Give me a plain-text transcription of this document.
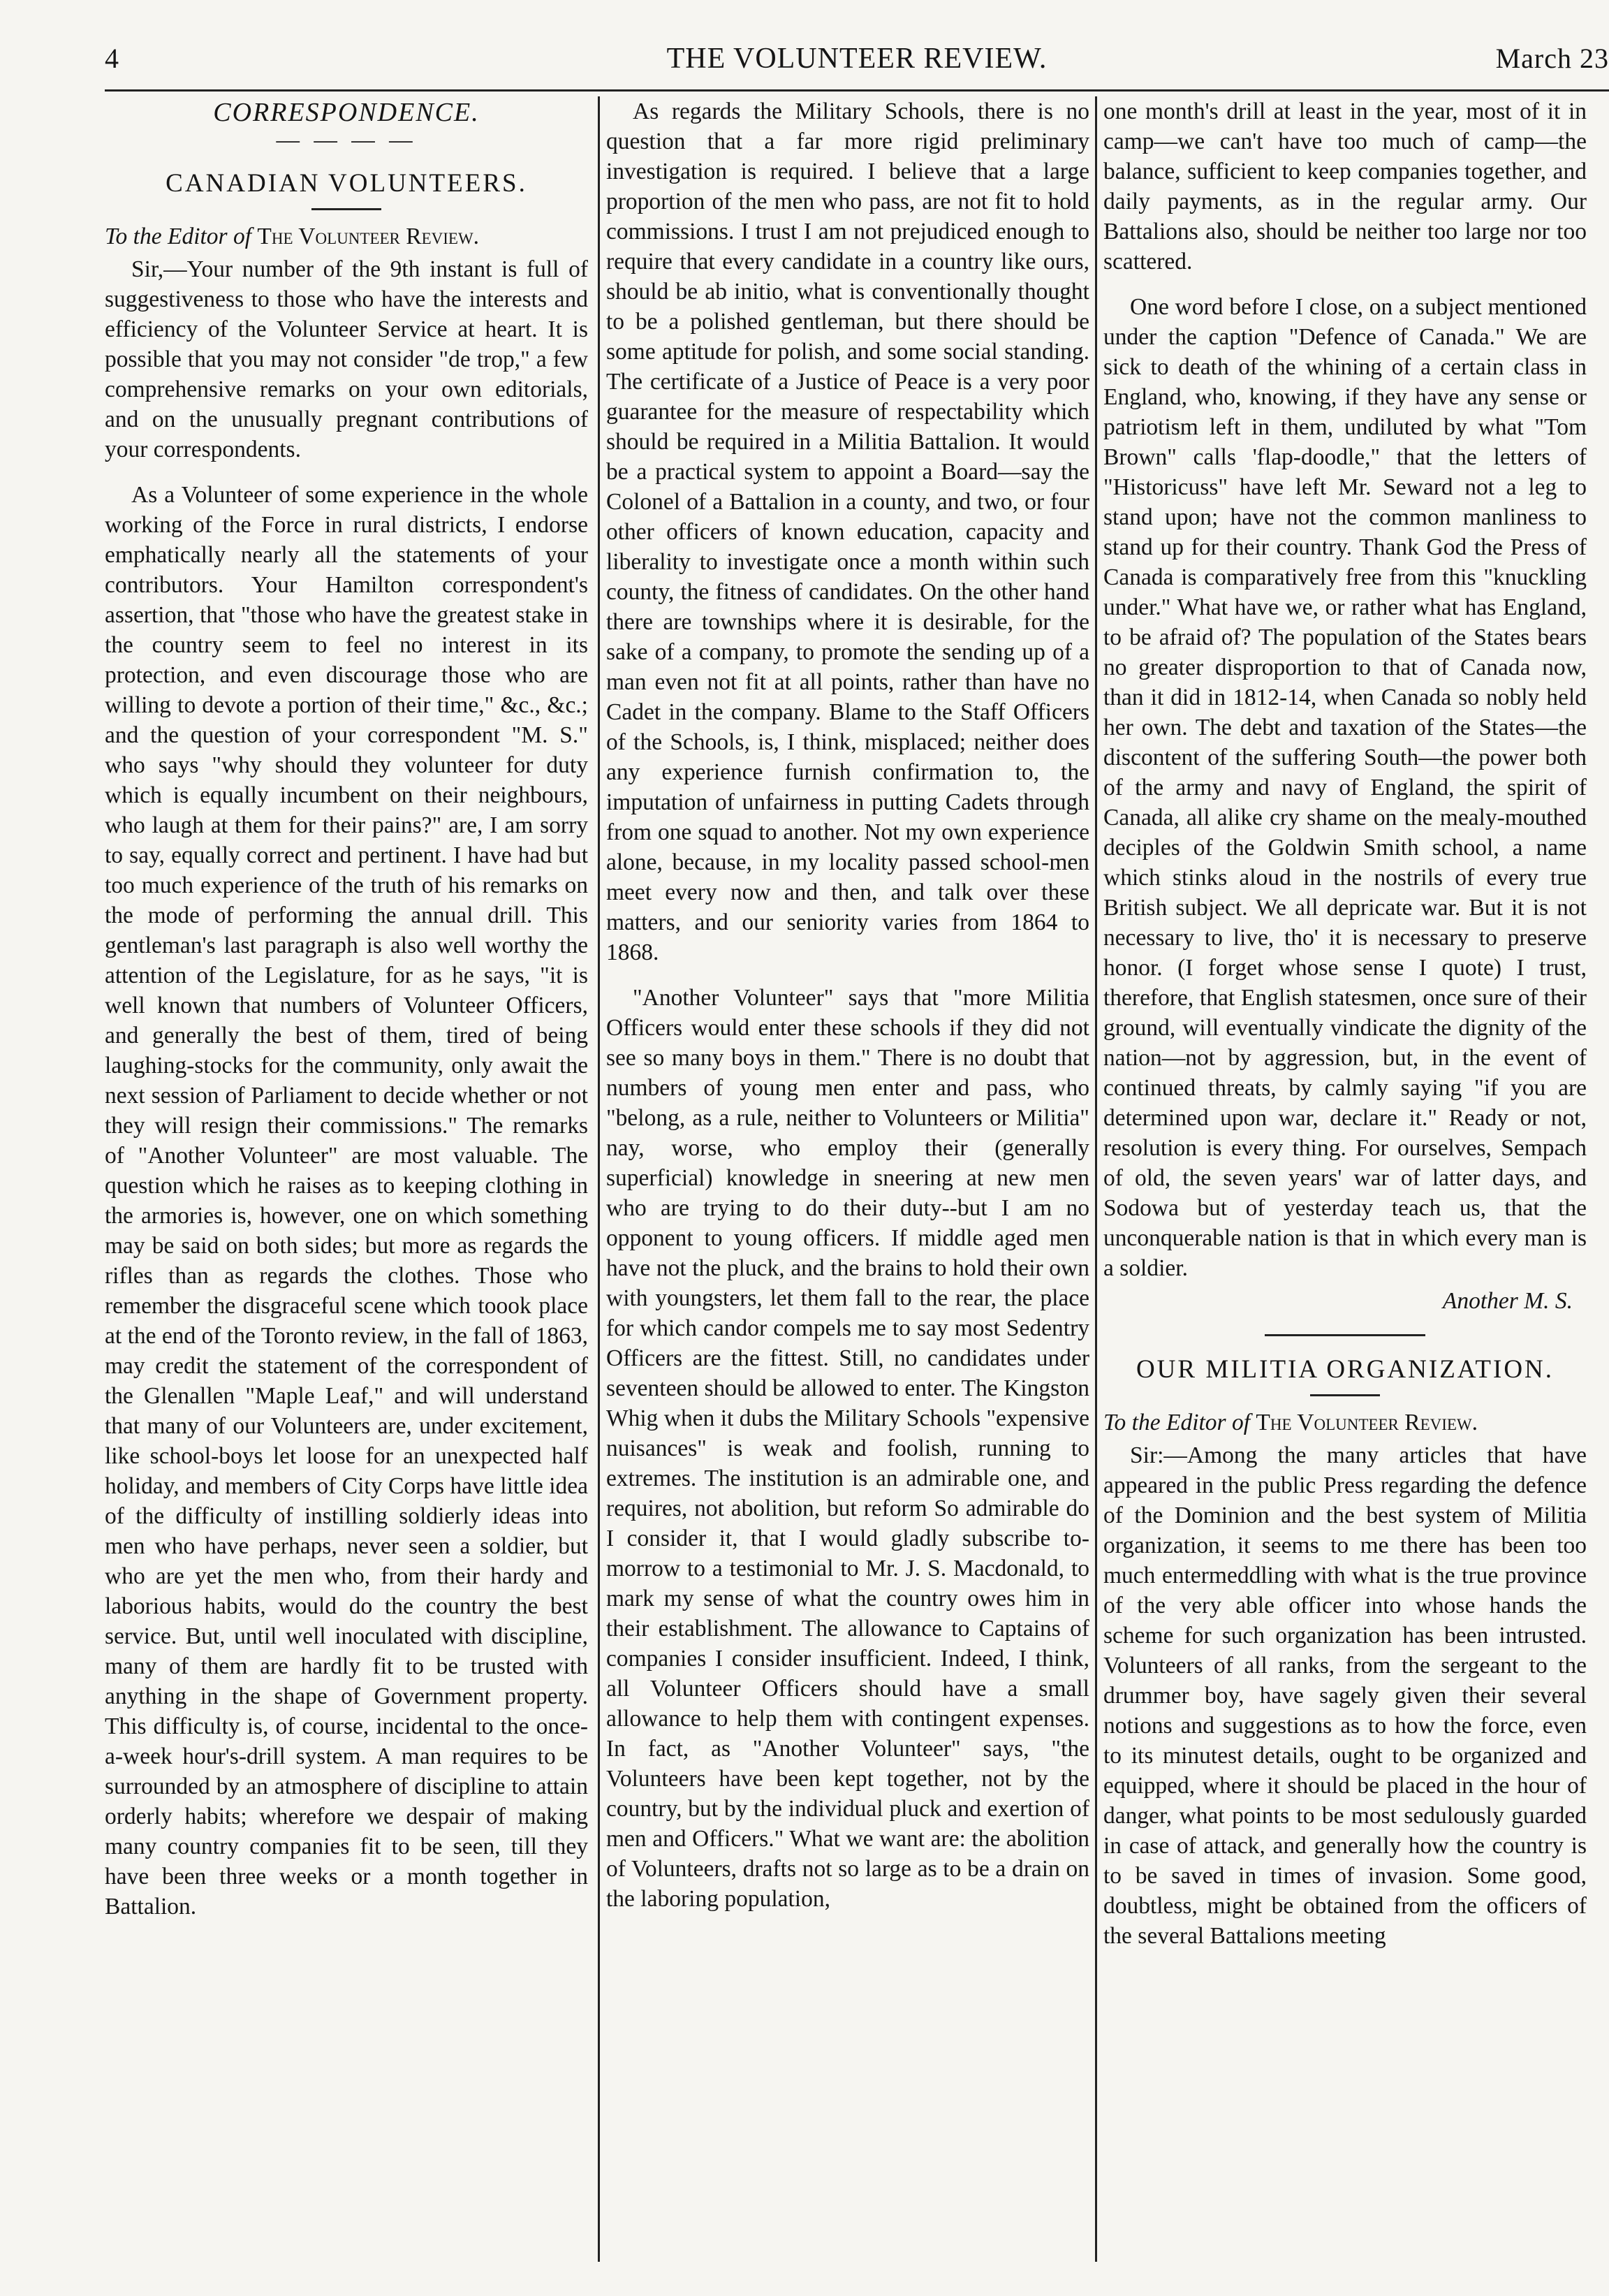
4	THE VOLUNTEER REVIEW.	March 23
CORRESPONDENCE.
— — — —
CANADIAN VOLUNTEERS.

To the Editor of The Volunteer Review.

Sir,—Your number of the 9th instant is full of suggestiveness to those who have the interests and efficiency of the Volunteer Service at heart. It is possible that you may not consider "de trop," a few comprehensive remarks on your own editorials, and on the unusually pregnant contributions of your correspondents.

As a Volunteer of some experience in the whole working of the Force in rural districts, I endorse emphatically nearly all the statements of your contributors. Your Hamilton correspondent's assertion, that "those who have the greatest stake in the country seem to feel no interest in its protection, and even discourage those who are willing to devote a portion of their time," &c., &c.; and the question of your correspondent "M. S." who says "why should they volunteer for duty which is equally incumbent on their neighbours, who laugh at them for their pains?" are, I am sorry to say, equally correct and pertinent. I have had but too much experience of the truth of his remarks on the mode of performing the annual drill. This gentleman's last paragraph is also well worthy the attention of the Legislature, for as he says, "it is well known that numbers of Volunteer Officers, and generally the best of them, tired of being laughing-stocks for the community, only await the next session of Parliament to decide whether or not they will resign their commissions." The remarks of "Another Volunteer" are most valuable. The question which he raises as to keeping clothing in the armories is, however, one on which something may be said on both sides; but more as regards the rifles than as regards the clothes. Those who remember the disgraceful scene which toook place at the end of the Toronto review, in the fall of 1863, may credit the statement of the correspondent of the Glenallen "Maple Leaf," and will understand that many of our Volunteers are, under excitement, like school-boys let loose for an unexpected half holiday, and members of City Corps have little idea of the difficulty of instilling soldierly ideas into men who have perhaps, never seen a soldier, but who are yet the men who, from their hardy and laborious habits, would do the country the best service. But, until well inoculated with discipline, many of them are hardly fit to be trusted with anything in the shape of Government property. This difficulty is, of course, incidental to the once-a-week hour's-drill system. A man requires to be surrounded by an atmosphere of discipline to attain orderly habits; wherefore we despair of making many country companies fit to be seen, till they have been three weeks or a month together in Battalion.

As regards the Military Schools, there is no question that a far more rigid preliminary investigation is required. I believe that a large proportion of the men who pass, are not fit to hold commissions. I trust I am not prejudiced enough to require that every candidate in a country like ours, should be ab initio, what is conventionally thought to be a polished gentleman, but there should be some aptitude for polish, and some social standing. The certificate of a Justice of Peace is a very poor guarantee for the measure of respectability which should be required in a Militia Battalion. It would be a practical system to appoint a Board—say the Colonel of a Battalion in a county, and two, or four other officers of known education, capacity and liberality to investigate once a month within such county, the fitness of candidates. On the other hand there are townships where it is desirable, for the sake of a company, to promote the sending up of a man even not fit at all points, rather than have no Cadet in the company. Blame to the Staff Officers of the Schools, is, I think, misplaced; neither does any experience furnish confirmation to, the imputation of unfairness in putting Cadets through from one squad to another. Not my own experience alone, because, in my locality passed school-men meet every now and then, and talk over these matters, and our seniority varies from 1864 to 1868.

"Another Volunteer" says that "more Militia Officers would enter these schools if they did not see so many boys in them." There is no doubt that numbers of young men enter and pass, who "belong, as a rule, neither to Volunteers or Militia" nay, worse, who employ their (generally superficial) knowledge in sneering at new men who are trying to do their duty--but I am no opponent to young officers. If middle aged men have not the pluck, and the brains to hold their own with youngsters, let them fall to the rear, the place for which candor compels me to say most Sedentry Officers are the fittest. Still, no candidates under seventeen should be allowed to enter. The Kingston Whig when it dubs the Military Schools "expensive nuisances" is weak and foolish, running to extremes. The institution is an admirable one, and requires, not abolition, but reform So admirable do I consider it, that I would gladly subscribe to-morrow to a testimonial to Mr. J. S. Macdonald, to mark my sense of what the country owes him in their establishment. The allowance to Captains of companies I consider insufficient. Indeed, I think, all Volunteer Officers should have a small allowance to help them with contingent expenses. In fact, as "Another Volunteer" says, "the Volunteers have been kept together, not by the country, but by the individual pluck and exertion of men and Officers." What we want are: the abolition of Volunteers, drafts not so large as to be a drain on the laboring population,

one month's drill at least in the year, most of it in camp—we can't have too much of camp—the balance, sufficient to keep companies together, and daily payments, as in the regular army. Our Battalions also, should be neither too large nor too scattered.

One word before I close, on a subject mentioned under the caption "Defence of Canada." We are sick to death of the whining of a certain class in England, who, knowing, if they have any sense or patriotism left in them, undiluted by what "Tom Brown" calls 'flap-doodle," that the letters of "Historicuss" have left Mr. Seward not a leg to stand upon; have not the common manliness to stand up for their country. Thank God the Press of Canada is comparatively free from this "knuckling under." What have we, or rather what has England, to be afraid of? The population of the States bears no greater disproportion to that of Canada now, than it did in 1812-14, when Canada so nobly held her own. The debt and taxation of the States—the discontent of the suffering South—the power both of the army and navy of England, the spirit of Canada, all alike cry shame on the mealy-mouthed deciples of the Goldwin Smith school, a name which stinks aloud in the nostrils of every true British subject. We all depricate war. But it is not necessary to live, tho' it is necessary to preserve honor. (I forget whose sense I quote) I trust, therefore, that English statesmen, once sure of their ground, will eventually vindicate the dignity of the nation—not by aggression, but, in the event of continued threats, by calmly saying "if you are determined upon war, declare it." Ready or not, resolution is every thing. For ourselves, Sempach of old, the seven years' war of latter days, and Sodowa but of yesterday teach us, that the unconquerable nation is that in which every man is a soldier.

Another M. S.

OUR MILITIA ORGANIZATION.

To the Editor of The Volunteer Review.

Sir:—Among the many articles that have appeared in the public Press regarding the defence of the Dominion and the best system of Militia organization, it seems to me there has been too much entermeddling with what is the true province of the very able officer into whose hands the scheme for such organization has been intrusted. Volunteers of all ranks, from the sergeant to the drummer boy, have sagely given their several notions and suggestions as to how the force, even to its minutest details, ought to be organized and equipped, where it should be placed in the hour of danger, what points to be most sedulously guarded in case of attack, and generally how the country is to be saved in times of invasion. Some good, doubtless, might be obtained from the officers of the several Battalions meeting
